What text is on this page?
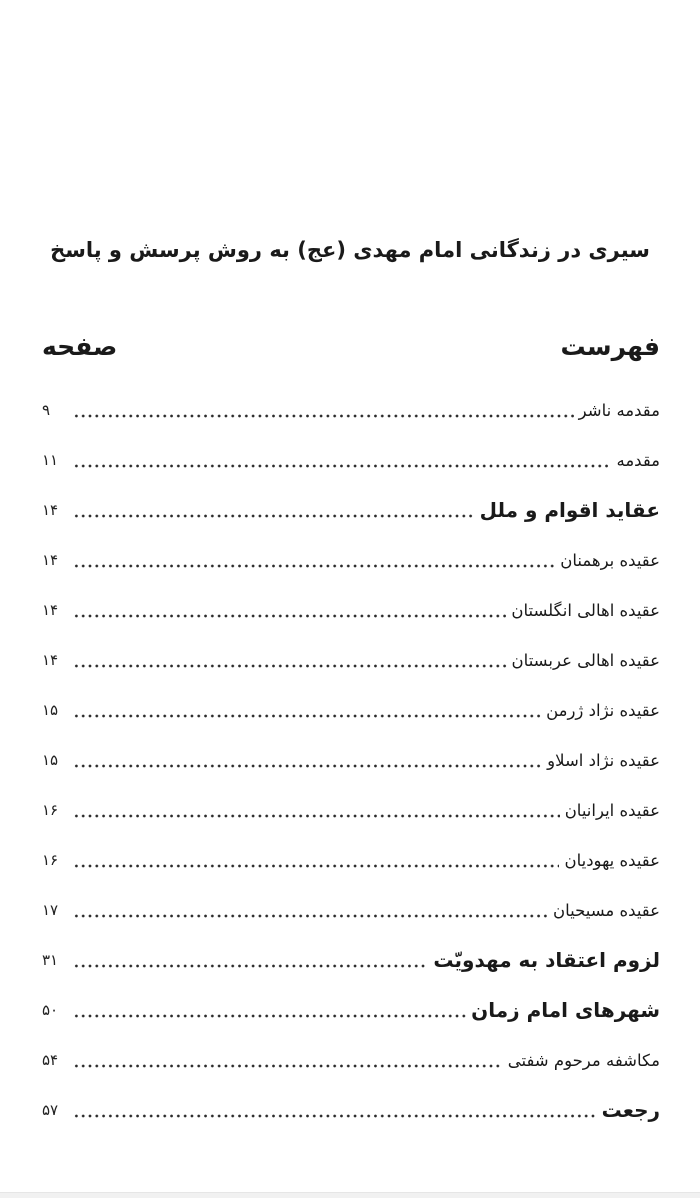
سیری در زندگانی امام مهدی (عج) به روش پرسش و پاسخ
فهرست
صفحه
مقدمه ناشر
۹
مقدمه
۱۱
عقاید اقوام و ملل
۱۴
عقیده برهمنان
۱۴
عقیده اهالی انگلستان
۱۴
عقیده اهالی عربستان
۱۴
عقیده نژاد ژرمن
۱۵
عقیده نژاد اسلاو
۱۵
عقیده ایرانیان
۱۶
عقیده یهودیان
۱۶
عقیده مسیحیان
۱۷
لزوم اعتقاد به مهدویّت
۳۱
شهرهای امام زمان
۵۰
مکاشفه مرحوم شفتی
۵۴
رجعت
۵۷
